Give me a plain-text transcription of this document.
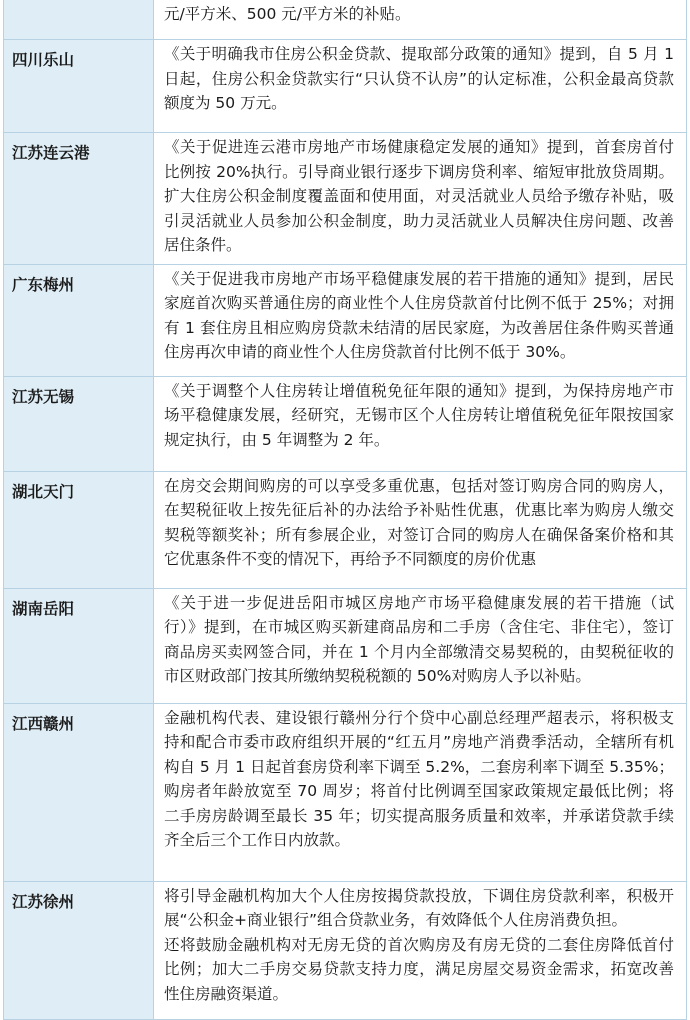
	元/平方米、500 元/平方米的补贴。

四川乐山	《关于明确我市住房公积金贷款、提取部分政策的通知》提到，自 5 月 1 日起，住房公积金贷款实行“只认贷不认房”的认定标准，公积金最高贷款额度为 50 万元。

江苏连云港	《关于促进连云港市房地产市场健康稳定发展的通知》提到，首套房首付比例按 20%执行。引导商业银行逐步下调房贷利率、缩短审批放贷周期。扩大住房公积金制度覆盖面和使用面，对灵活就业人员给予缴存补贴，吸引灵活就业人员参加公积金制度，助力灵活就业人员解决住房问题、改善居住条件。

广东梅州	《关于促进我市房地产市场平稳健康发展的若干措施的通知》提到，居民家庭首次购买普通住房的商业性个人住房贷款首付比例不低于 25%；对拥有 1 套住房且相应购房贷款未结清的居民家庭，为改善居住条件购买普通住房再次申请的商业性个人住房贷款首付比例不低于 30%。

江苏无锡	《关于调整个人住房转让增值税免征年限的通知》提到，为保持房地产市场平稳健康发展，经研究，无锡市区个人住房转让增值税免征年限按国家规定执行，由 5 年调整为 2 年。

湖北天门	在房交会期间购房的可以享受多重优惠，包括对签订购房合同的购房人，在契税征收上按先征后补的办法给予补贴性优惠，优惠比率为购房人缴交契税等额奖补；所有参展企业，对签订合同的购房人在确保备案价格和其它优惠条件不变的情况下，再给予不同额度的房价优惠

湖南岳阳	《关于进一步促进岳阳市城区房地产市场平稳健康发展的若干措施（试行）》提到，在市城区购买新建商品房和二手房（含住宅、非住宅），签订商品房买卖网签合同，并在 1 个月内全部缴清交易契税的，由契税征收的市区财政部门按其所缴纳契税税额的 50%对购房人予以补贴。

江西赣州	金融机构代表、建设银行赣州分行个贷中心副总经理严超表示，将积极支持和配合市委市政府组织开展的“红五月”房地产消费季活动，全辖所有机构自 5 月 1 日起首套房贷利率下调至 5.2%，二套房利率下调至 5.35%；购房者年龄放宽至 70 周岁；将首付比例调至国家政策规定最低比例；将二手房房龄调至最长 35 年；切实提高服务质量和效率，并承诺贷款手续齐全后三个工作日内放款。

江苏徐州	将引导金融机构加大个人住房按揭贷款投放，下调住房贷款利率，积极开展“公积金+商业银行”组合贷款业务，有效降低个人住房消费负担。
还将鼓励金融机构对无房无贷的首次购房及有房无贷的二套住房降低首付比例；加大二手房交易贷款支持力度，满足房屋交易资金需求，拓宽改善性住房融资渠道。
